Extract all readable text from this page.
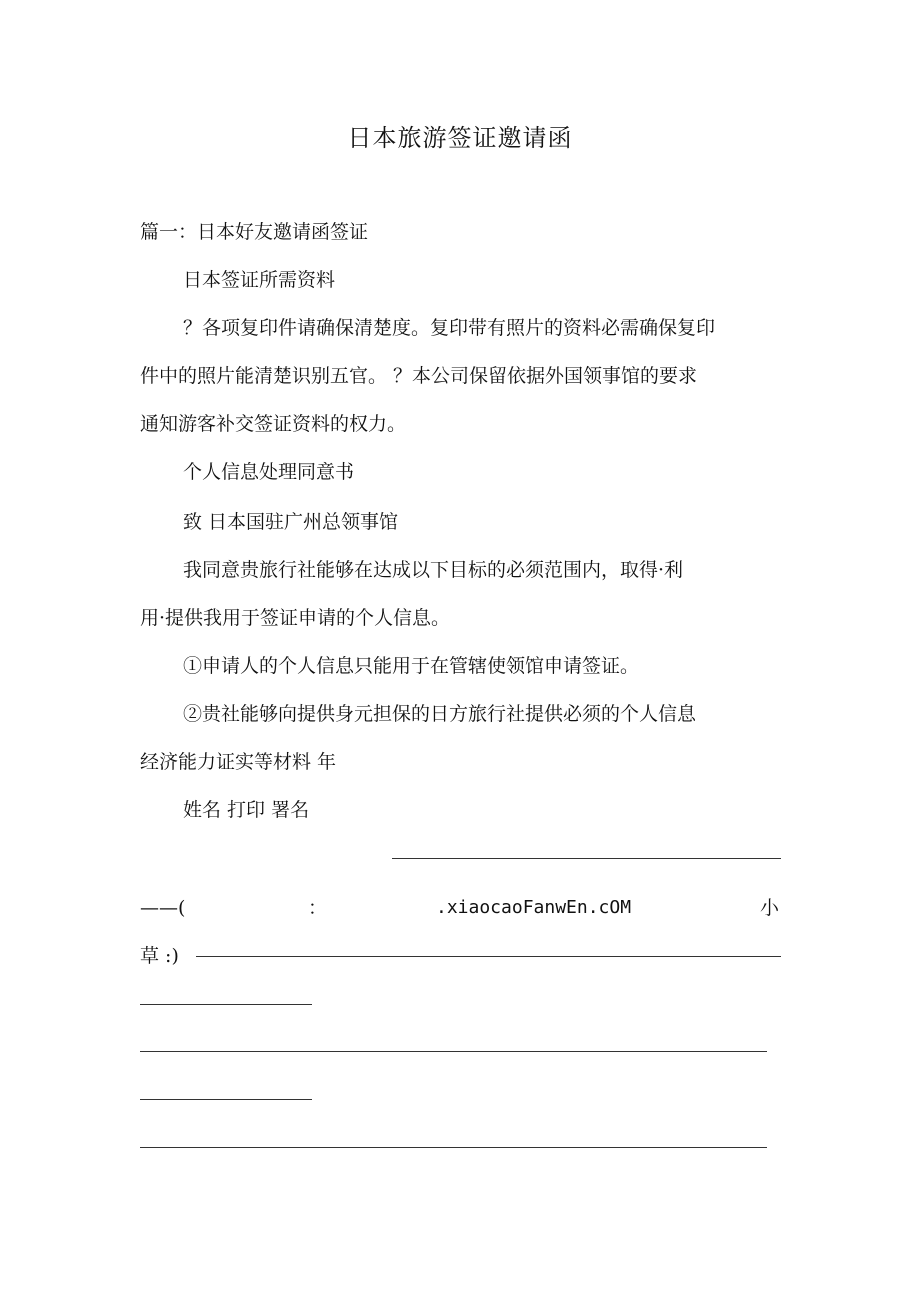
日本旅游签证邀请函
篇一：日本好友邀请函签证
日本签证所需资料
？各项复印件请确保清楚度。复印带有照片的资料必需确保复印
件中的照片能清楚识别五官。 ？本公司保留依据外国领事馆的要求
通知游客补交签证资料的权力。
个人信息处理同意书
致 日本国驻广州总领事馆
我同意贵旅行社能够在达成以下目标的必须范围内，取得·利
用·提供我用于签证申请的个人信息。
①申请人的个人信息只能用于在管辖使领馆申请签证。
②贵社能够向提供身元担保的日方旅行社提供必须的个人信息
经济能力证实等材料 年
姓名 打印 署名
——(	：	.xiaocaoFanwEn.cOM	小
草 :)
